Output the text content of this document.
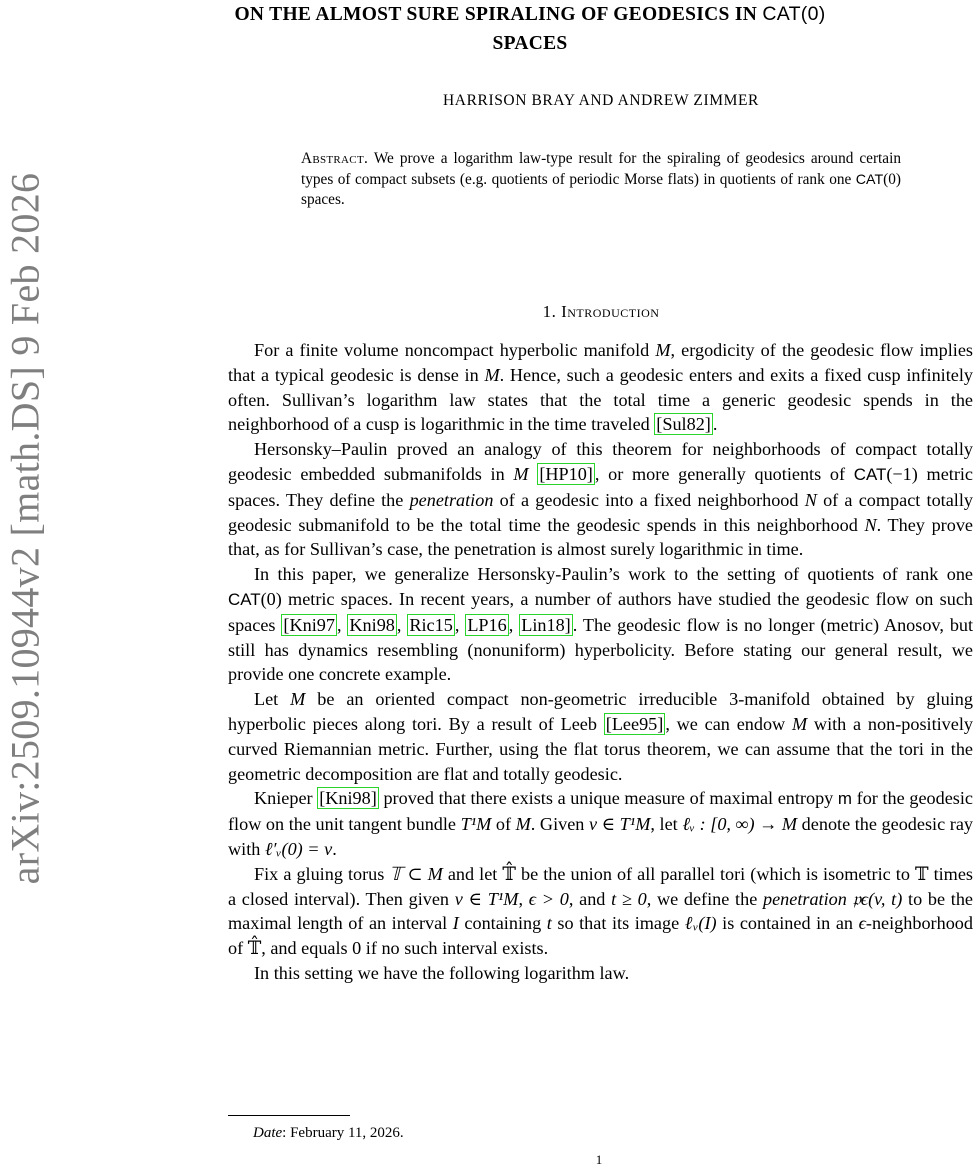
arXiv:2509.10944v2 [math.DS] 9 Feb 2026
ON THE ALMOST SURE SPIRALING OF GEODESICS IN CAT(0)
SPACES
HARRISON BRAY AND ANDREW ZIMMER
Abstract. We prove a logarithm law-type result for the spiraling of geodesics around certain types of compact subsets (e.g. quotients of periodic Morse flats) in quotients of rank one CAT(0) spaces.
1. Introduction

For a finite volume noncompact hyperbolic manifold M, ergodicity of the geodesic flow implies that a typical geodesic is dense in M. Hence, such a geodesic enters and exits a fixed cusp infinitely often. Sullivan’s logarithm law states that the total time a generic geodesic spends in the neighborhood of a cusp is logarithmic in the time traveled [Sul82] .

Hersonsky–Paulin proved an analogy of this theorem for neighborhoods of compact totally geodesic embedded submanifolds in M [HP10] , or more generally quotients of CAT(−1) metric spaces. They define the penetration of a geodesic into a fixed neighborhood N of a compact totally geodesic submanifold to be the total time the geodesic spends in this neighborhood N. They prove that, as for Sullivan’s case, the penetration is almost surely logarithmic in time.

In this paper, we generalize Hersonsky-Paulin’s work to the setting of quotients of rank one CAT(0) metric spaces. In recent years, a number of authors have studied the geodesic flow on such spaces [Kni97 , Kni98 , Ric15 , LP16 , Lin18] . The geodesic flow is no longer (metric) Anosov, but still has dynamics resembling (nonuniform) hyperbolicity. Before stating our general result, we provide one concrete example.

Let M be an oriented compact non-geometric irreducible 3-manifold obtained by gluing hyperbolic pieces along tori. By a result of Leeb [Lee95] , we can endow M with a non-positively curved Riemannian metric. Further, using the flat torus theorem, we can assume that the tori in the geometric decomposition are flat and totally geodesic.

Knieper [Kni98] proved that there exists a unique measure of maximal entropy m for the geodesic flow on the unit tangent bundle T¹M of M. Given v ∈ T¹M, let ℓᵥ : [0, ∞) → M denote the geodesic ray with ℓ′ᵥ(0) = v.

Fix a gluing torus 𝕋 ⊂ M and let 𝕋̂ be the union of all parallel tori (which is isometric to 𝕋 times a closed interval). Then given v ∈ T¹M, ϵ > 0, and t ≥ 0, we define the penetration 𝔭ϵ(v, t) to be the maximal length of an interval I containing t so that its image ℓᵥ(I) is contained in an ϵ-neighborhood of 𝕋̂, and equals 0 if no such interval exists.

In this setting we have the following logarithm law.

Date: February 11, 2026.
1
